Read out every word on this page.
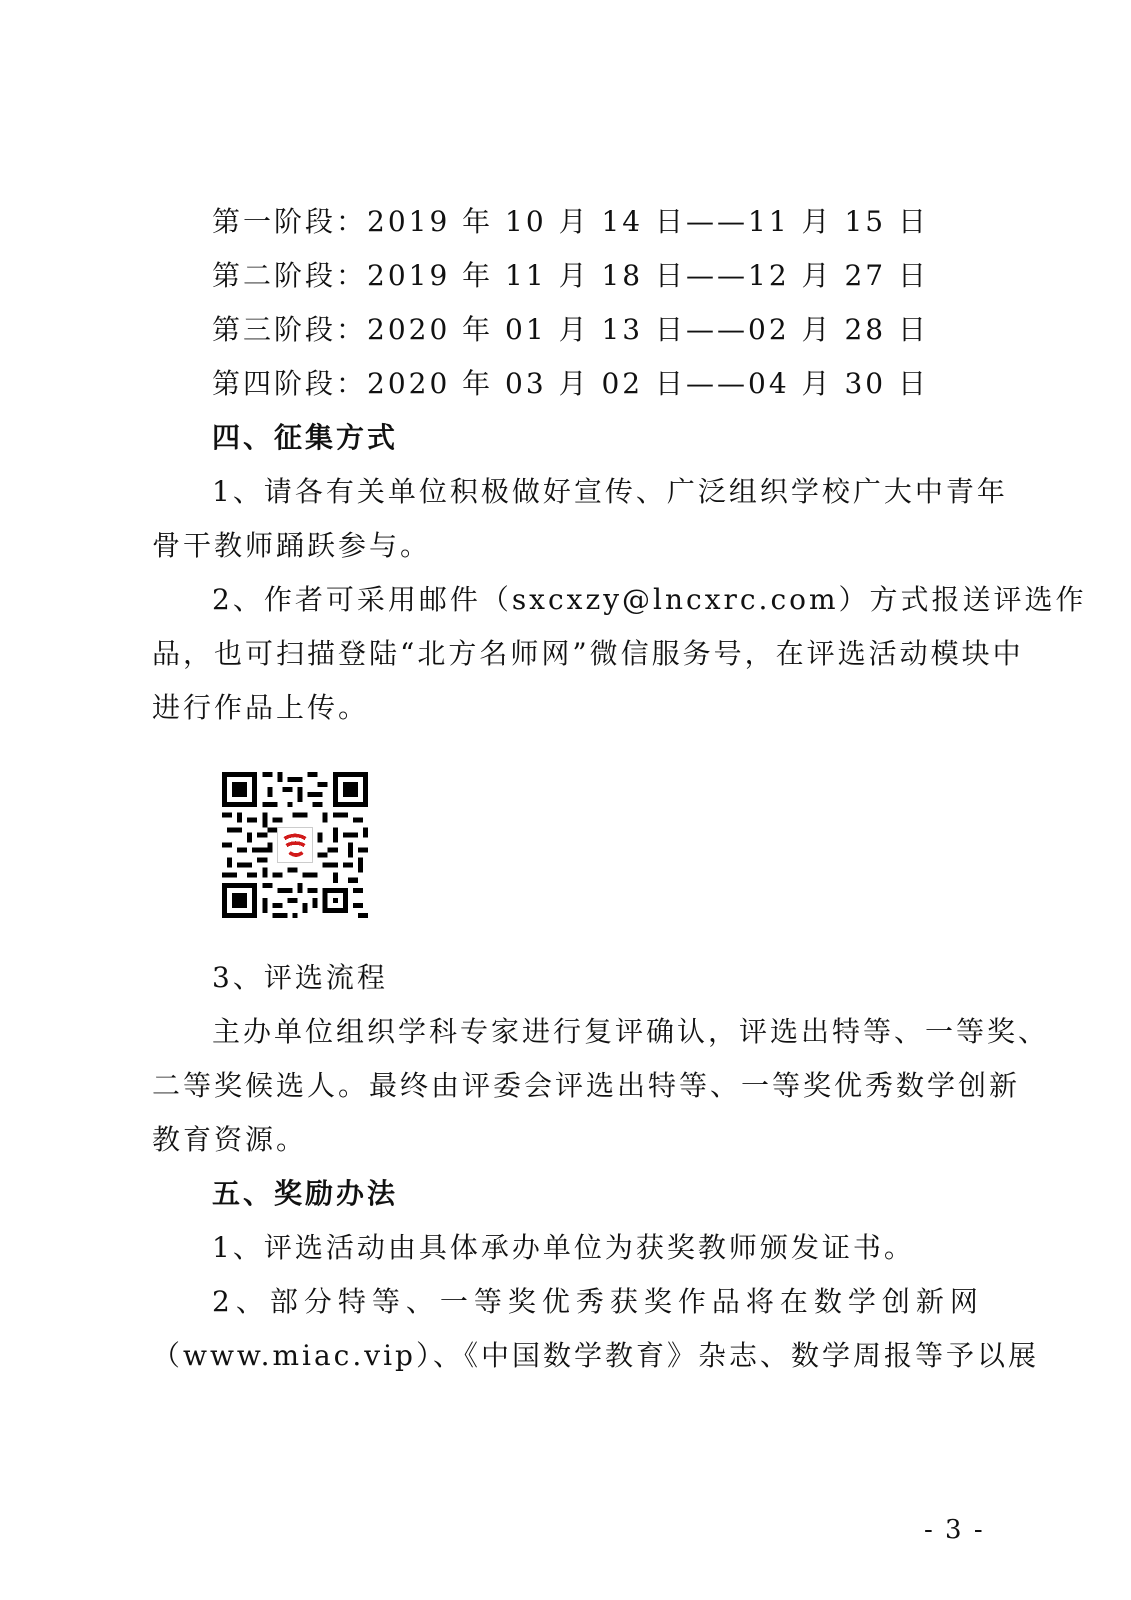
第一阶段：2019 年 10 月 14 日——11 月 15 日
第二阶段：2019 年 11 月 18 日——12 月 27 日
第三阶段：2020 年 01 月 13 日——02 月 28 日
第四阶段：2020 年 03 月 02 日——04 月 30 日
四、征集方式
1、请各有关单位积极做好宣传、广泛组织学校广大中青年
骨干教师踊跃参与。
2、作者可采用邮件（sxcxzy@lncxrc.com）方式报送评选作
品，也可扫描登陆“北方名师网”微信服务号，在评选活动模块中
进行作品上传。
3、评选流程
主办单位组织学科专家进行复评确认，评选出特等、一等奖、
二等奖候选人。最终由评委会评选出特等、一等奖优秀数学创新
教育资源。
五、奖励办法
1、评选活动由具体承办单位为获奖教师颁发证书。
2、部分特等、一等奖优秀获奖作品将在数学创新网
（www.miac.vip）、《中国数学教育》杂志、数学周报等予以展
- 3 -
